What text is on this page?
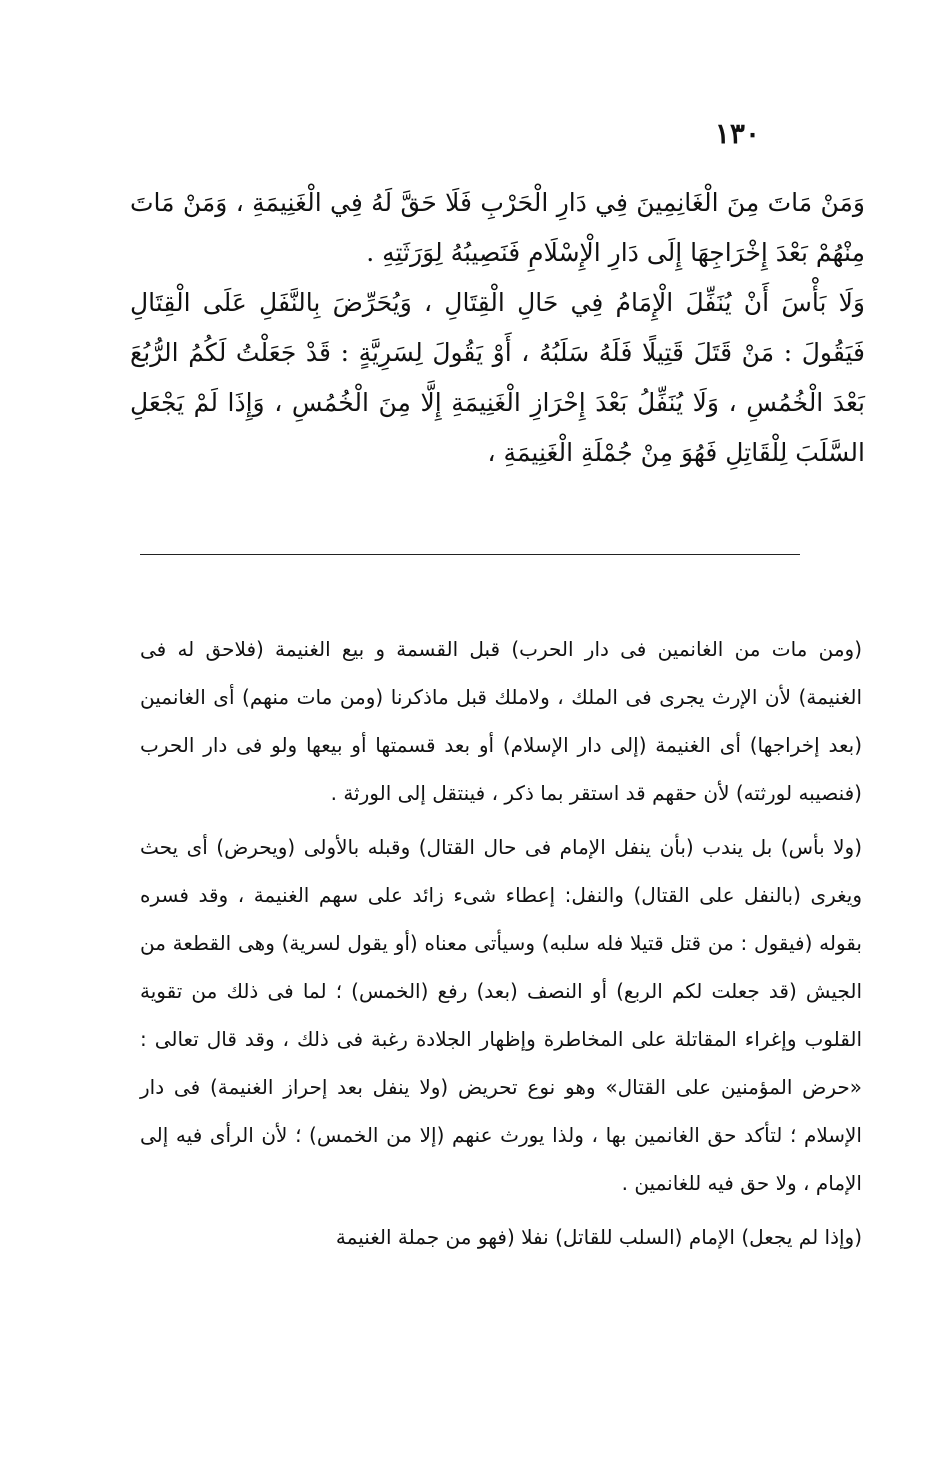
١٣٠

وَمَنْ مَاتَ مِنَ الْغَانِمِينَ فِي دَارِ الْحَرْبِ فَلَا حَقَّ لَهُ فِي الْغَنِيمَةِ ، وَمَنْ مَاتَ مِنْهُمْ بَعْدَ إِخْرَاجِهَا إِلَى دَارِ الْإِسْلَامِ فَنَصِيبُهُ لِوَرَثَتِهِ .

وَلَا بَأْسَ أَنْ يُنَفِّلَ الْإِمَامُ فِي حَالِ الْقِتَالِ ، وَيُحَرِّضَ بِالنَّفَلِ عَلَى الْقِتَالِ فَيَقُولَ : مَنْ قَتَلَ قَتِيلًا فَلَهُ سَلَبُهُ ، أَوْ يَقُولَ لِسَرِيَّةٍ : قَدْ جَعَلْتُ لَكُمُ الرُّبُعَ بَعْدَ الْخُمُسِ ، وَلَا يُنَفِّلُ بَعْدَ إِحْرَازِ الْغَنِيمَةِ إِلَّا مِنَ الْخُمُسِ ، وَإِذَا لَمْ يَجْعَلِ السَّلَبَ لِلْقَاتِلِ فَهُوَ مِنْ جُمْلَةِ الْغَنِيمَةِ ،

(ومن مات من الغانمين فى دار الحرب) قبل القسمة و بيع الغنيمة (فلاحق له فى الغنيمة) لأن الإرث يجرى فى الملك ، ولاملك قبل ماذكرنا (ومن مات منهم) أى الغانمين (بعد إخراجها) أى الغنيمة (إلى دار الإسلام) أو بعد قسمتها أو بيعها ولو فى دار الحرب (فنصيبه لورثته) لأن حقهم قد استقر بما ذكر ، فينتقل إلى الورثة .

(ولا بأس) بل يندب (بأن ينفل الإمام فى حال القتال) وقبله بالأولى (ويحرض) أى يحث ويغرى (بالنفل على القتال) والنفل: إعطاء شىء زائد على سهم الغنيمة ، وقد فسره بقوله (فيقول : من قتل قتيلا فله سلبه) وسيأتى معناه (أو يقول لسرية) وهى القطعة من الجيش (قد جعلت لكم الربع) أو النصف (بعد) رفع (الخمس) ؛ لما فى ذلك من تقوية القلوب وإغراء المقاتلة على المخاطرة وإظهار الجلادة رغبة فى ذلك ، وقد قال تعالى : «حرض المؤمنين على القتال» وهو نوع تحريض (ولا ينفل بعد إحراز الغنيمة) فى دار الإسلام ؛ لتأكد حق الغانمين بها ، ولذا يورث عنهم (إلا من الخمس) ؛ لأن الرأى فيه إلى الإمام ، ولا حق فيه للغانمين .

(وإذا لم يجعل) الإمام (السلب للقاتل) نفلا (فهو من جملة الغنيمة
